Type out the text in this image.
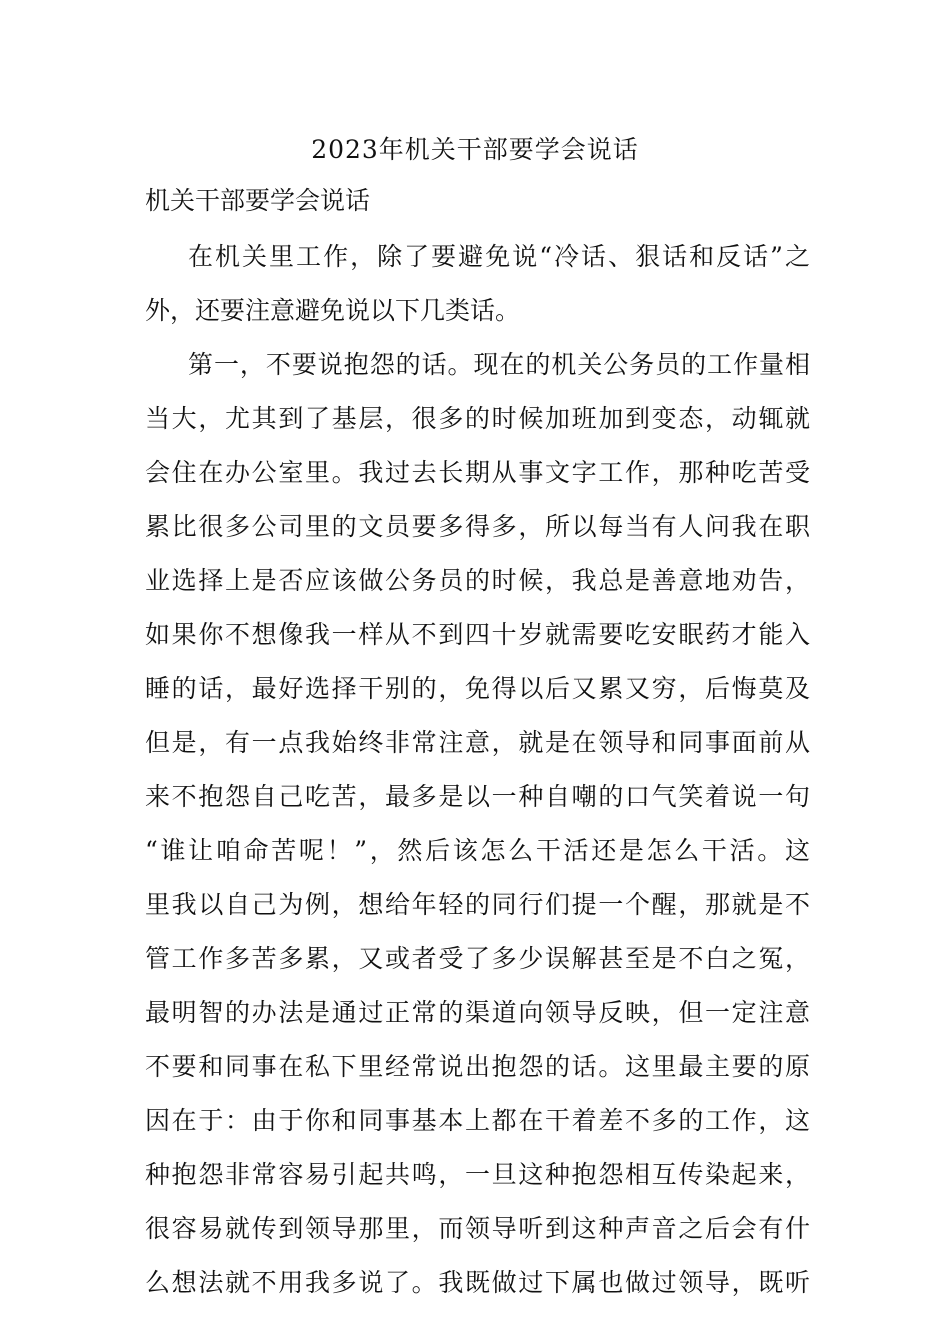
2023年机关干部要学会说话
机关干部要学会说话
在机关里工作，除了要避免说“冷话、狠话和反话”之
外，还要注意避免说以下几类话。
第一，不要说抱怨的话。现在的机关公务员的工作量相
当大，尤其到了基层，很多的时候加班加到变态，动辄就
会住在办公室里。我过去长期从事文字工作，那种吃苦受
累比很多公司里的文员要多得多，所以每当有人问我在职
业选择上是否应该做公务员的时候，我总是善意地劝告，
如果你不想像我一样从不到四十岁就需要吃安眠药才能入
睡的话，最好选择干别的，免得以后又累又穷，后悔莫及
但是，有一点我始终非常注意，就是在领导和同事面前从
来不抱怨自己吃苦，最多是以一种自嘲的口气笑着说一句
“谁让咱命苦呢！”，然后该怎么干活还是怎么干活。这
里我以自己为例，想给年轻的同行们提一个醒，那就是不
管工作多苦多累，又或者受了多少误解甚至是不白之冤，
最明智的办法是通过正常的渠道向领导反映，但一定注意
不要和同事在私下里经常说出抱怨的话。这里最主要的原
因在于：由于你和同事基本上都在干着差不多的工作，这
种抱怨非常容易引起共鸣，一旦这种抱怨相互传染起来，
很容易就传到领导那里，而领导听到这种声音之后会有什
么想法就不用我多说了。我既做过下属也做过领导，既听
